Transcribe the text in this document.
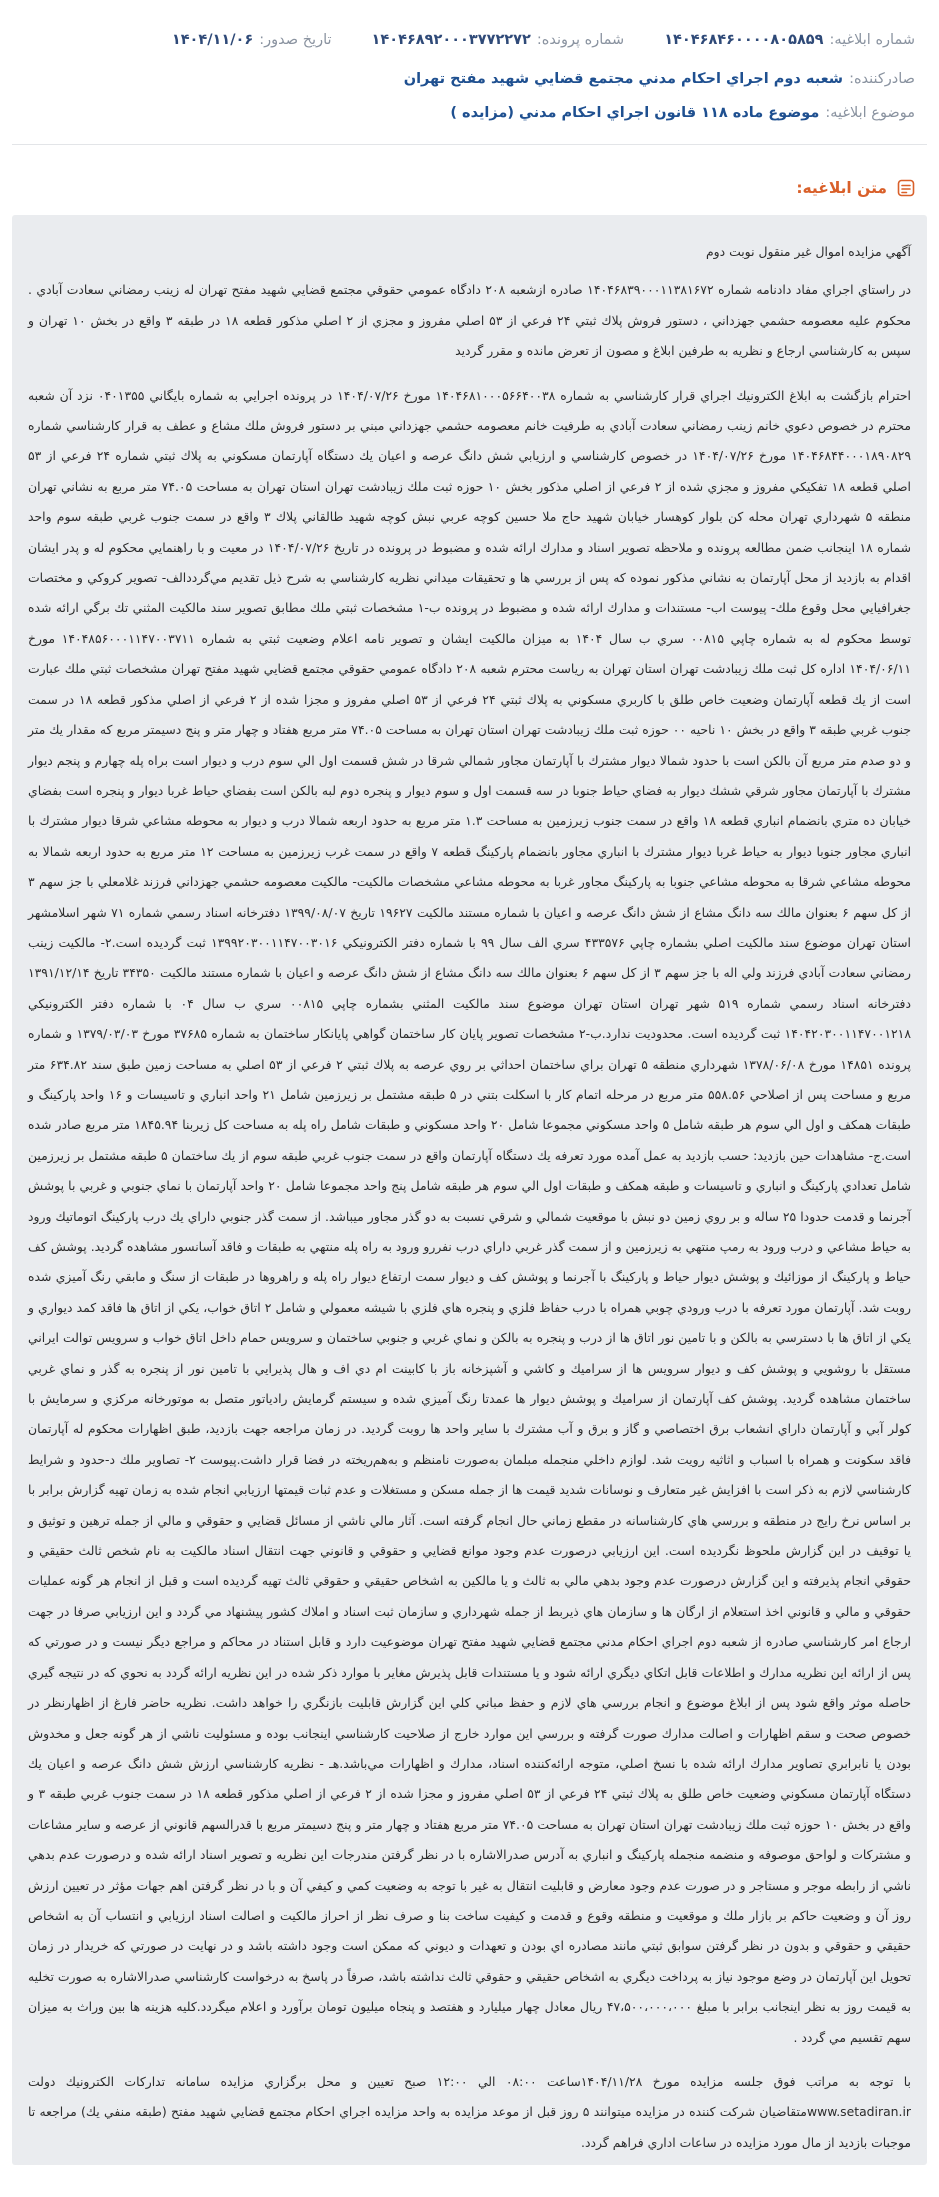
شماره ابلاغیه:
۱۴۰۴۶۸۴۶۰۰۰۰۸۰۵۸۵۹
شماره پرونده:
۱۴۰۴۶۸۹۲۰۰۰۳۷۷۲۲۷۲
تاریخ صدور:
۱۴۰۴/۱۱/۰۶
صادرکننده:
شعبه دوم اجراي احكام مدني مجتمع قضايي شهيد مفتح تهران
موضوع ابلاغیه:
موضوع ماده ۱۱۸ قانون اجراي احكام مدني (مزايده )
متن ابلاغیه:

آگهي مزايده اموال غير منقول نوبت دوم

در راستاي اجراي مفاد دادنامه شماره ۱۴۰۴۶۸۳۹۰۰۰۱۱۳۸۱۶۷۲ صادره ازشعبه ۲۰۸ دادگاه عمومي حقوقي مجتمع قضايي شهيد مفتح تهران له زينب رمضاني سعادت آبادي . محكوم عليه معصومه حشمي جهزداني ، دستور فروش پلاك ثبتي ۲۴ فرعي از ۵۳ اصلي مفروز و مجزي از ۲ اصلي مذكور قطعه ۱۸ در طبقه ۳ واقع در بخش ۱۰ تهران و سپس به كارشناسي ارجاع و نظريه به طرفين ابلاغ و مصون از تعرض مانده و مقرر گرديد

احترام بازگشت به ابلاغ الكترونيك اجراي قرار كارشناسي به شماره ۱۴۰۴۶۸۱۰۰۰۵۶۶۴۰۰۳۸ مورخ ۱۴۰۴/۰۷/۲۶ در پرونده اجرايي به شماره بايگاني ۰۴۰۱۳۵۵ نزد آن شعبه محترم در خصوص دعوي خانم زينب رمضاني سعادت آبادي به طرفيت خانم معصومه حشمي جهزداني مبني بر دستور فروش ملك مشاع و عطف به قرار كارشناسي شماره ۱۴۰۴۶۸۴۴۰۰۰۱۸۹۰۸۲۹ مورخ ۱۴۰۴/۰۷/۲۶ در خصوص كارشناسي و ارزيابي شش دانگ عرصه و اعيان يك دستگاه آپارتمان مسكوني به پلاك ثبتي شماره ۲۴ فرعي از ۵۳ اصلي قطعه ۱۸ تفكيكي مفروز و مجزي شده از ۲ فرعي از اصلي مذكور بخش ۱۰ حوزه ثبت ملك زيبادشت تهران استان تهران به مساحت ۷۴.۰۵ متر مربع به نشاني تهران منطقه ۵ شهرداري تهران محله كن بلوار كوهسار خيابان شهيد حاج ملا حسين كوچه عربي نبش كوچه شهيد طالقاني پلاك ۳ واقع در سمت جنوب غربي طبقه سوم واحد شماره ۱۸ اينجانب ضمن مطالعه پرونده و ملاحظه تصوير اسناد و مدارك ارائه شده و مضبوط در پرونده در تاريخ ۱۴۰۴/۰۷/۲۶ در معيت و با راهنمايي محكوم له و پدر ايشان اقدام به بازديد از محل آپارتمان به نشاني مذكور نموده كه پس از بررسي ها و تحقيقات ميداني نظريه كارشناسي به شرح ذيل تقديم مي‌گرددالف- تصوير كروكي و مختصات جغرافيايي محل وقوع ملك- پيوست اب- مستندات و مدارك ارائه شده و مضبوط در پرونده ب-۱ مشخصات ثبتي ملك مطابق تصوير سند مالكيت المثني تك برگي ارائه شده توسط محكوم له به شماره چاپي ۰۰۸۱۵ سري ب سال ۱۴۰۴ به ميزان مالكيت ايشان و تصوير نامه اعلام وضعيت ثبتي به شماره ۱۴۰۴۸۵۶۰۰۰۱۱۴۷۰۰۳۷۱۱ مورخ ۱۴۰۴/۰۶/۱۱ اداره كل ثبت ملك زيبادشت تهران استان تهران به رياست محترم شعبه ۲۰۸ دادگاه عمومي حقوقي مجتمع قضايي شهيد مفتح تهران مشخصات ثبتي ملك عبارت است از يك قطعه آپارتمان وضعيت خاص طلق با كاربري مسكوني به پلاك ثبتي ۲۴ فرعي از ۵۳ اصلي مفروز و مجزا شده از ۲ فرعي از اصلي مذكور قطعه ۱۸ در سمت جنوب غربي طبقه ۳ واقع در بخش ۱۰ ناحيه ۰۰ حوزه ثبت ملك زيبادشت تهران استان تهران به مساحت ۷۴.۰۵ متر مربع هفتاد و چهار متر و پنج دسيمتر مربع كه مقدار يك متر و دو صدم متر مربع آن بالكن است با حدود شمالا ديوار مشترك با آپارتمان مجاور شمالي شرقا در شش قسمت اول الي سوم درب و ديوار است براه پله چهارم و پنجم ديوار مشترك با آپارتمان مجاور شرقي ششك ديوار به فضاي حياط جنوبا در سه قسمت اول و سوم ديوار و پنجره دوم لبه بالكن است بفضاي حياط غربا ديوار و پنجره است بفضاي خيابان ده متري بانضمام انباري قطعه ۱۸ واقع در سمت جنوب زيرزمين به مساحت ۱.۳ متر مربع به حدود اربعه شمالا درب و ديوار به محوطه مشاعي شرقا ديوار مشترك با انباري مجاور جنوبا ديوار به حياط غربا ديوار مشترك با انباري مجاور بانضمام پاركينگ قطعه ۷ واقع در سمت غرب زيرزمين به مساحت ۱۲ متر مربع به حدود اربعه شمالا به محوطه مشاعي شرقا به محوطه مشاعي جنوبا به پاركينگ مجاور غربا به محوطه مشاعي مشخصات مالكيت- مالكيت معصومه حشمي جهزداني فرزند غلامعلي با جز سهم ۳ از كل سهم ۶ بعنوان مالك سه دانگ مشاع از شش دانگ عرصه و اعيان با شماره مستند مالكيت ۱۹۶۲۷ تاريخ ۱۳۹۹/۰۸/۰۷ دفترخانه اسناد رسمي شماره ۷۱ شهر اسلامشهر استان تهران موضوع سند مالكيت اصلي بشماره چاپي ۴۳۳۵۷۶ سري الف سال ۹۹ با شماره دفتر الكترونيكي ۱۳۹۹۲۰۳۰۰۱۱۴۷۰۰۳۰۱۶ ثبت گرديده است.۲- مالكيت زينب رمضاني سعادت آبادي فرزند ولي اله با جز سهم ۳ از كل سهم ۶ بعنوان مالك سه دانگ مشاع از شش دانگ عرصه و اعيان با شماره مستند مالكيت ۳۴۳۵۰ تاريخ ۱۳۹۱/۱۲/۱۴ دفترخانه اسناد رسمي شماره ۵۱۹ شهر تهران استان تهران موضوع سند مالكيت المثني بشماره چاپي ۰۰۸۱۵ سري ب سال ۰۴ با شماره دفتر الكترونيكي ۱۴۰۴۲۰۳۰۰۱۱۴۷۰۰۱۲۱۸ ثبت گرديده است. محدوديت ندارد.ب-۲ مشخصات تصوير پايان كار ساختمان گواهي پايانكار ساختمان به شماره ۳۷۶۸۵ مورخ ۱۳۷۹/۰۳/۰۳ و شماره پرونده ۱۴۸۵۱ مورخ ۱۳۷۸/۰۶/۰۸ شهرداري منطقه ۵ تهران براي ساختمان احداثي بر روي عرصه به پلاك ثبتي ۲ فرعي از ۵۳ اصلي به مساحت زمين طبق سند ۶۳۴.۸۲ متر مربع و مساحت پس از اصلاحي ۵۵۸.۵۶ متر مربع در مرحله اتمام كار با اسكلت بتني در ۵ طبقه مشتمل بر زيرزمين شامل ۲۱ واحد انباري و تاسيسات و ۱۶ واحد پاركينگ و طبقات همكف و اول الي سوم هر طبقه شامل ۵ واحد مسكوني مجموعا شامل ۲۰ واحد مسكوني و طبقات شامل راه پله به مساحت كل زيربنا ۱۸۴۵.۹۴ متر مربع صادر شده است.ج- مشاهدات حين بازديد: حسب بازديد به عمل آمده مورد تعرفه يك دستگاه آپارتمان واقع در سمت جنوب غربي طبقه سوم از يك ساختمان ۵ طبقه مشتمل بر زيرزمين شامل تعدادي پاركينگ و انباري و تاسيسات و طبقه همكف و طبقات اول الي سوم هر طبقه شامل پنج واحد مجموعا شامل ۲۰ واحد آپارتمان با نماي جنوبي و غربي با پوشش آجرنما و قدمت حدودا ۲۵ ساله و بر روي زمين دو نبش با موقعيت شمالي و شرقي نسبت به دو گذر مجاور ميباشد. از سمت گذر جنوبي داراي يك درب پاركينگ اتوماتيك ورود به حياط مشاعي و درب ورود به رمپ منتهي به زيرزمين و از سمت گذر غربي داراي درب نفررو ورود به راه پله منتهي به طبقات و فاقد آسانسور مشاهده گرديد. پوشش كف حياط و پاركينگ از موزائيك و پوشش ديوار حياط و پاركينگ با آجرنما و پوشش كف و ديوار سمت ارتفاع ديوار راه پله و راهروها در طبقات از سنگ و مابقي رنگ آميزي شده روبت شد. آپارتمان مورد تعرفه با درب ورودي چوبي همراه با درب حفاظ فلزي و پنجره هاي فلزي با شيشه معمولي و شامل ۲ اتاق خواب، يكي از اتاق ها فاقد كمد ديواري و يكي از اتاق ها با دسترسي به بالكن و با تامين نور اتاق ها از درب و پنجره به بالكن و نماي غربي و جنوبي ساختمان و سرويس حمام داخل اتاق خواب و سرويس توالت ايراني مستقل با روشويي و پوشش كف و ديوار سرويس ها از سراميك و كاشي و آشپزخانه باز با كابينت ام دي اف و هال پذيرايي با تامين نور از پنجره به گذر و نماي غربي ساختمان مشاهده گرديد. پوشش كف آپارتمان از سراميك و پوشش ديوار ها عمدتا رنگ آميزي شده و سيستم گرمايش رادياتور متصل به موتورخانه مركزي و سرمايش با كولر آبي و آپارتمان داراي انشعاب برق اختصاصي و گاز و برق و آب مشترك با ساير واحد ها روبت گرديد. در زمان مراجعه جهت بازديد، طبق اظهارات محكوم له آپارتمان فاقد سكونت و همراه با اسباب و اثاثيه رويت شد. لوازم داخلي منجمله مبلمان به‌صورت نامنظم و به‌هم‌ريخته در فضا قرار داشت.پيوست ۲- تصاوير ملك د-حدود و شرايط كارشناسي لازم به ذكر است با افزايش غير متعارف و نوسانات شديد قيمت ها از جمله مسكن و مستغلات و عدم ثبات قيمتها ارزيابي انجام شده به زمان تهيه گزارش برابر با بر اساس نرخ رايج در منطقه و بررسي هاي كارشناسانه در مقطع زماني حال انجام گرفته است. آثار مالي ناشي از مسائل قضايي و حقوقي و مالي از جمله ترهين و توثيق و يا توقيف در اين گزارش ملحوظ نگرديده است. اين ارزيابي درصورت عدم وجود موانع قضايي و حقوقي و قانوني جهت انتقال اسناد مالكيت به نام شخص ثالث حقيقي و حقوقي انجام پذيرفته و اين گزارش درصورت عدم وجود بدهي مالي به ثالث و يا مالكين به اشخاص حقيقي و حقوقي ثالث تهيه گرديده است و قبل از انجام هر گونه عمليات حقوقي و مالي و قانوني اخذ استعلام از ارگان ها و سازمان هاي ذيربط از جمله شهرداري و سازمان ثبت اسناد و املاك كشور پيشنهاد مي گردد و اين ارزيابي صرفا در جهت ارجاع امر كارشناسي صادره از شعبه دوم اجراي احكام مدني مجتمع قضايي شهيد مفتح تهران موضوعيت دارد و قابل استناد در محاكم و مراجع ديگر نيست و در صورتي كه پس از ارائه اين نظريه مدارك و اطلاعات قابل اتكاي ديگري ارائه شود و يا مستندات قابل پذيرش مغاير با موارد ذكر شده در اين نظريه ارائه گردد به نحوي كه در نتيجه گيري حاصله موثر واقع شود پس از ابلاغ موضوع و انجام بررسي هاي لازم و حفظ مباني كلي اين گزارش قابليت بازنگري را خواهد داشت. نظريه حاضر فارغ از اظهارنظر در خصوص صحت و سقم اظهارات و اصالت مدارك صورت گرفته و بررسي اين موارد خارج از صلاحيت كارشناسي اينجانب بوده و مسئوليت ناشي از هر گونه جعل و مخدوش بودن يا نابرابري تصاوير مدارك ارائه شده با نسخ اصلي، متوجه ارائه‌كننده اسناد، مدارك و اظهارات مي‌باشد.هـ - نظريه كارشناسي ارزش شش دانگ عرصه و اعيان يك دستگاه آپارتمان مسكوني وضعيت خاص طلق به پلاك ثبتي ۲۴ فرعي از ۵۳ اصلي مفروز و مجزا شده از ۲ فرعي از اصلي مذكور قطعه ۱۸ در سمت جنوب غربي طبقه ۳ و واقع در بخش ۱۰ حوزه ثبت ملك زيبادشت تهران استان تهران به مساحت ۷۴.۰۵ متر مربع هفتاد و چهار متر و پنج دسيمتر مربع با قدرالسهم قانوني از عرصه و ساير مشاعات و مشتركات و لواحق موصوفه و منضمه منجمله پاركينگ و انباري به آدرس صدرالاشاره با در نظر گرفتن مندرجات اين نظريه و تصوير اسناد ارائه شده و درصورت عدم بدهي ناشي از رابطه موجر و مستاجر و در صورت عدم وجود معارض و قابليت انتقال به غير با توجه به وضعيت كمي و كيفي آن و با در نظر گرفتن اهم جهات مؤثر در تعيين ارزش روز آن و وضعيت حاكم بر بازار ملك و موقعيت و منطقه وقوع و قدمت و كيفيت ساخت بنا و صرف نظر از احراز مالكيت و اصالت اسناد ارزيابي و انتساب آن به اشخاص حقيقي و حقوقي و بدون در نظر گرفتن سوابق ثبتي مانند مصادره اي بودن و تعهدات و ديوني كه ممكن است وجود داشته باشد و در نهايت در صورتي كه خريدار در زمان تحويل اين آپارتمان در وضع موجود نياز به پرداخت ديگري به اشخاص حقيقي و حقوقي ثالث نداشته باشد، صرفاً در پاسخ به درخواست كارشناسي صدرالاشاره به صورت تخليه به قيمت روز به نظر اينجانب برابر با مبلغ ۴۷،۵۰۰،۰۰۰،۰۰۰ ريال معادل چهار ميليارد و هفتصد و پنجاه ميليون تومان برآورد و اعلام ميگردد.كليه هزينه ها بين وراث به ميزان سهم تقسيم مي گردد .

با توجه به مراتب فوق جلسه مزايده مورخ ۱۴۰۴/۱۱/۲۸ساعت ۰۸:۰۰ الي ۱۲:۰۰ صبح تعيين و محل برگزاري مزايده سامانه تداركات الكترونيك دولت www.setadiran.irمتقاضيان شركت كننده در مزايده ميتوانند ۵ روز قبل از موعد مزايده به واحد مزايده اجراي احكام مجتمع قضايي شهيد مفتح (طبقه منفي يك) مراجعه تا موجبات بازديد از مال مورد مزايده در ساعات اداري فراهم گردد.
